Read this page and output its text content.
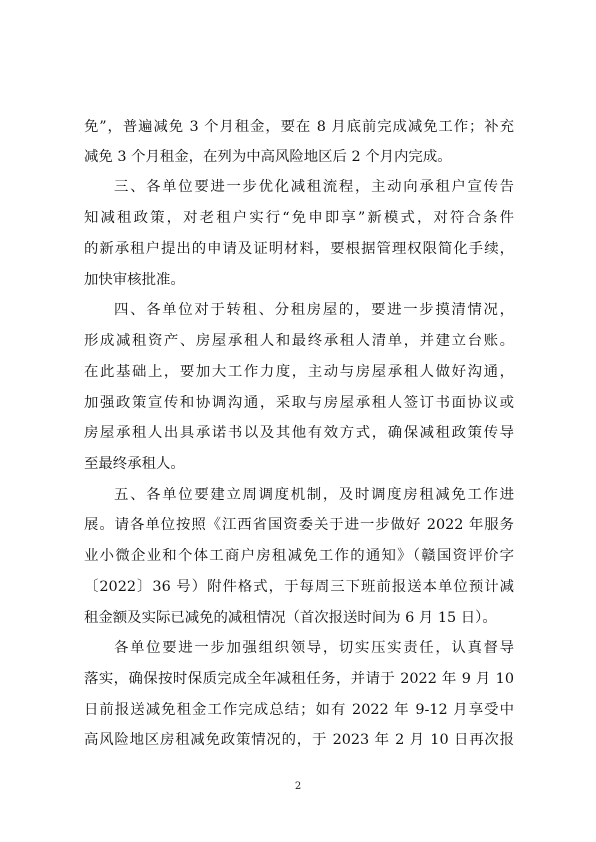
免”，普遍减免 3 个月租金，要在 8 月底前完成减免工作；补充
减免 3 个月租金，在列为中高风险地区后 2 个月内完成。
三、各单位要进一步优化减租流程，主动向承租户宣传告
知减租政策，对老租户实行“免申即享”新模式，对符合条件
的新承租户提出的申请及证明材料，要根据管理权限简化手续，
加快审核批准。
四、各单位对于转租、分租房屋的，要进一步摸清情况，
形成减租资产、房屋承租人和最终承租人清单，并建立台账。
在此基础上，要加大工作力度，主动与房屋承租人做好沟通，
加强政策宣传和协调沟通，采取与房屋承租人签订书面协议或
房屋承租人出具承诺书以及其他有效方式，确保减租政策传导
至最终承租人。
五、各单位要建立周调度机制，及时调度房租减免工作进
展。请各单位按照《江西省国资委关于进一步做好 2022 年服务
业小微企业和个体工商户房租减免工作的通知》（赣国资评价字
〔2022〕36 号）附件格式，于每周三下班前报送本单位预计减
租金额及实际已减免的减租情况（首次报送时间为 6 月 15 日）。
各单位要进一步加强组织领导，切实压实责任，认真督导
落实，确保按时保质完成全年减租任务，并请于 2022 年 9 月 10
日前报送减免租金工作完成总结；如有 2022 年 9-12 月享受中
高风险地区房租减免政策情况的，于 2023 年 2 月 10 日再次报
2
